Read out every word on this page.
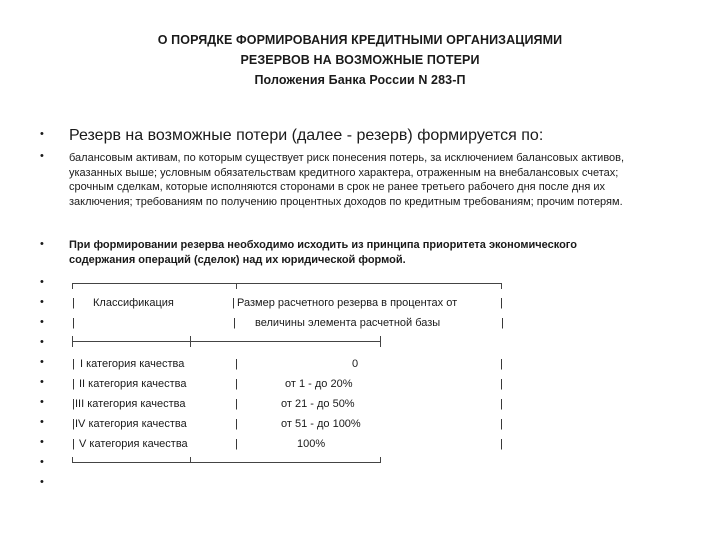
О ПОРЯДКЕ ФОРМИРОВАНИЯ КРЕДИТНЫМИ ОРГАНИЗАЦИЯМИ
РЕЗЕРВОВ НА ВОЗМОЖНЫЕ ПОТЕРИ
Положения Банка России N 283-П
•
•
•
•
•
•
•
•
•
•
•
•
•
•
Резерв на возможные потери (далее - резерв) формируется по:
балансовым активам, по которым существует риск понесения потерь, за исключением балансовых активов, указанных выше; условным обязательствам кредитного характера, отраженным на внебалансовых счетах; срочным сделкам, которые исполняются сторонами в срок не ранее третьего рабочего дня после дня их заключения; требованиям по получению процентных доходов по кредитным требованиям; прочим потерям.
При формировании резерва необходимо исходить из принципа приоритета экономического содержания операций (сделок) над их юридической формой.
| Классификация	| Размер расчетного резерва в процентах от	|
|	| величины элемента расчетной базы	|
| I категория качества	|	0	|
| II категория качества	|	от 1 - до 20%	|
| III категория качества	|	от 21 - до 50%	|
| IV категория качества	|	от 51 - до 100%	|
| V категория качества	|	100%	|
